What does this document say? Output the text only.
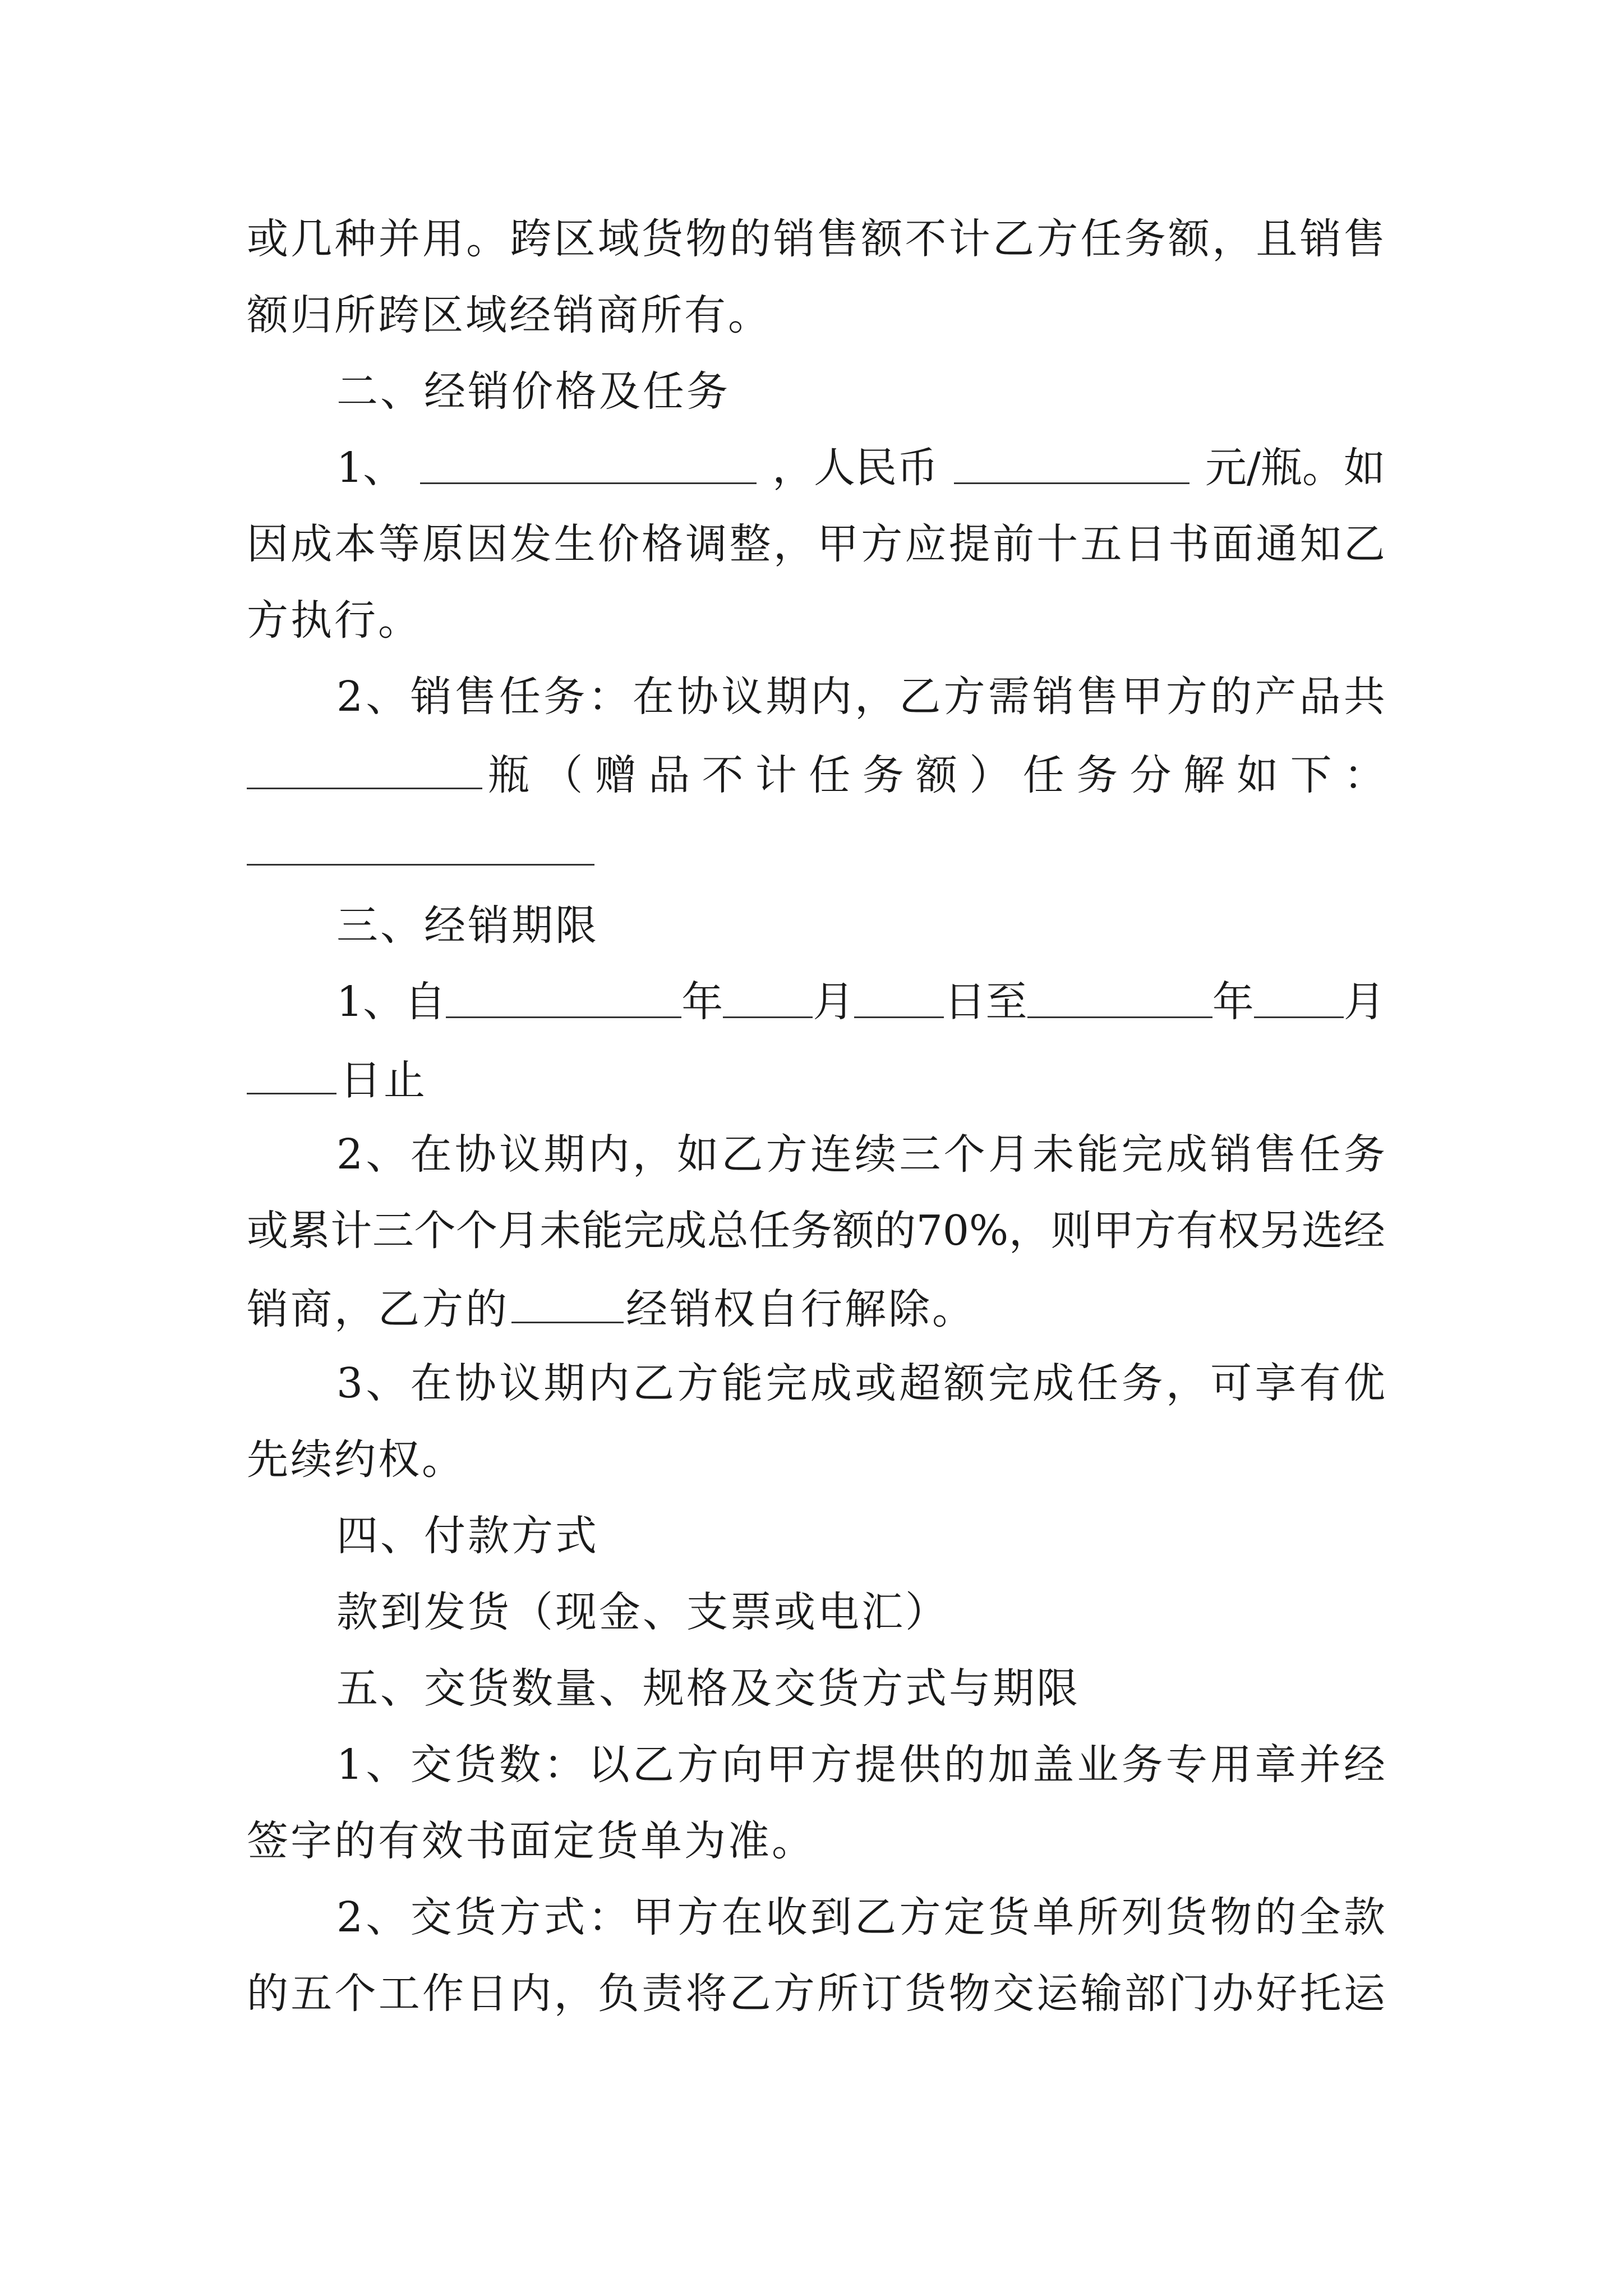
或 几 种 并 用 。 跨 区 域 货 物 的 销 售 额 不 计 乙 方 任 务 额 ， 且 销 售
额归所跨区域经销商所有。
二、经销价格及任务
1、	，人民币	元/瓶。如
因 成 本 等 原 因 发 生 价 格 调 整 ， 甲 方 应 提 前 十 五 日 书 面 通 知 乙
方执行。
2 、 销 售 任 务 ： 在 协 议 期 内 ， 乙 方 需 销 售 甲 方 的 产 品 共
瓶 （ 赠 品 不 计 任 务 额 ） 任 务 分 解 如 下 ：
三、经销期限
1、自	年 月 日至	年 月
日止
2 、 在 协 议 期 内 ， 如 乙 方 连 续 三 个 月 未 能 完 成 销 售 任 务
或 累 计 三 个 个 月 未 能 完 成 总 任 务 额 的 70% ， 则 甲 方 有 权 另 选 经
销商，乙方的	经销权自行解除。
3 、 在 协 议 期 内 乙 方 能 完 成 或 超 额 完 成 任 务 ， 可 享 有 优
先续约权。
四、付款方式
款到发货（现金、支票或电汇）
五、交货数量、规格及交货方式与期限
1 、 交 货 数 ： 以 乙 方 向 甲 方 提 供 的 加 盖 业 务 专 用 章 并 经
签字的有效书面定货单为准。
2 、 交 货 方 式 ： 甲 方 在 收 到 乙 方 定 货 单 所 列 货 物 的 全 款
的 五 个 工 作 日 内 ， 负 责 将 乙 方 所 订 货 物 交 运 输 部 门 办 好 托 运
